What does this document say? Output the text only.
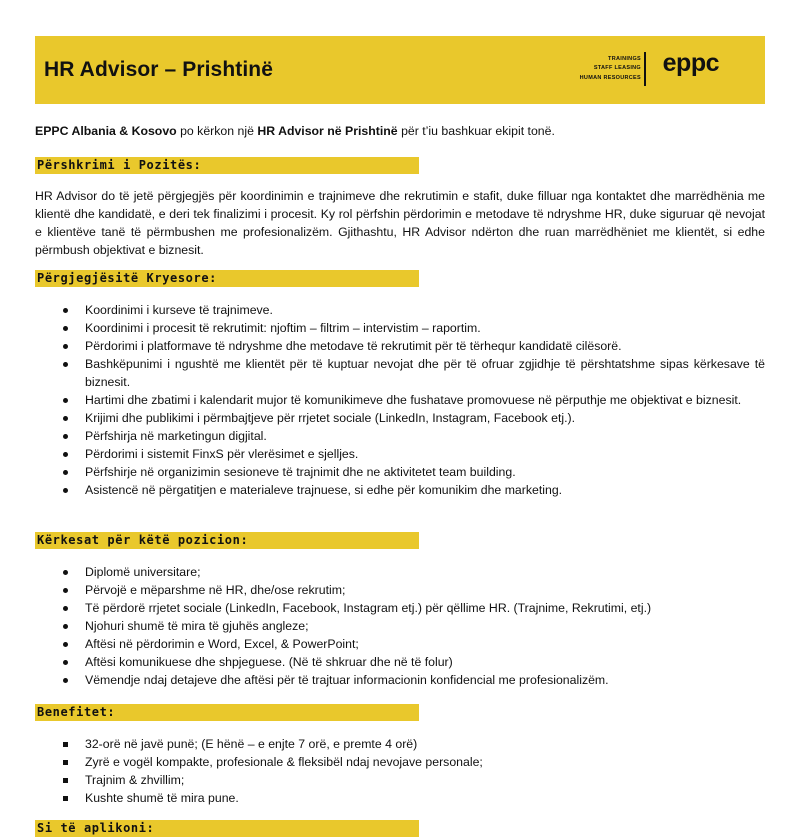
HR Advisor – Prishtinë	TRAININGS
STAFF LEASING
HUMAN RESOURCES
eppc
EPPC Albania & Kosovo po kërkon një HR Advisor në Prishtinë për t’iu bashkuar ekipit tonë.
Përshkrimi i Pozitës:
HR Advisor do të jetë përgjegjës për koordinimin e trajnimeve dhe rekrutimin e stafit, duke filluar nga kontaktet dhe marrëdhënia me klientë dhe kandidatë, e deri tek finalizimi i procesit. Ky rol përfshin përdorimin e metodave të ndryshme HR, duke siguruar që nevojat e klientëve tanë të përmbushen me profesionalizëm. Gjithashtu, HR Advisor ndërton dhe ruan marrëdhëniet me klientët, si edhe përmbush objektivat e biznesit.
Përgjegjësitë Kryesore:
Koordinimi i kurseve të trajnimeve.
Koordinimi i procesit të rekrutimit: njoftim – filtrim – intervistim – raportim.
Përdorimi i platformave të ndryshme dhe metodave të rekrutimit për të tërhequr kandidatë cilësorë.
Bashkëpunimi i ngushtë me klientët për të kuptuar nevojat dhe për të ofruar zgjidhje të përshtatshme sipas kërkesave të biznesit.
Hartimi dhe zbatimi i kalendarit mujor të komunikimeve dhe fushatave promovuese në përputhje me objektivat e biznesit.
Krijimi dhe publikimi i përmbajtjeve për rrjetet sociale (LinkedIn, Instagram, Facebook etj.).
Përfshirja në marketingun digjital.
Përdorimi i sistemit FinxS për vlerësimet e sjelljes.
Përfshirje në organizimin sesioneve të trajnimit dhe ne aktivitetet team building.
Asistencë në përgatitjen e materialeve trajnuese, si edhe për komunikim dhe marketing.
Kërkesat për këtë pozicion:
Diplomë universitare;
Përvojë e mëparshme në HR, dhe/ose rekrutim;
Të përdorë rrjetet sociale (LinkedIn, Facebook, Instagram etj.) për qëllime HR. (Trajnime, Rekrutimi, etj.)
Njohuri shumë të mira të gjuhës angleze;
Aftësi në përdorimin e Word, Excel, & PowerPoint;
Aftësi komunikuese dhe shpjeguese. (Në të shkruar dhe në të folur)
Vëmendje ndaj detajeve dhe aftësi për të trajtuar informacionin konfidencial me profesionalizëm.
Benefitet:
32-orë në javë punë; (E hënë – e enjte 7 orë, e premte 4 orë)
Zyrë e vogël kompakte, profesionale & fleksibël ndaj nevojave personale;
Trajnim & zhvillim;
Kushte shumë të mira pune.
Si të aplikoni:
